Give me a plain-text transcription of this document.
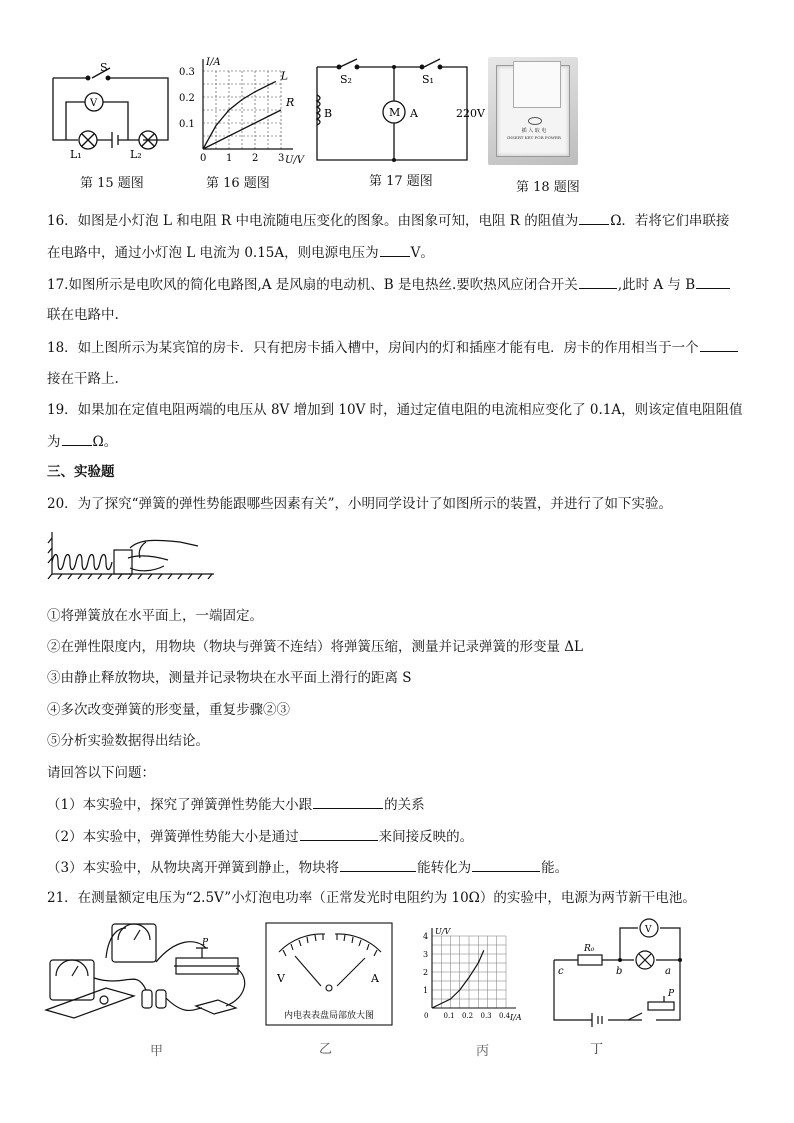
S
V
L₁	L₂
第 15 题图
I/A
U/V
0 1 2 3
0.1
0.2
0.3	L
R
第 16 题图
S₂	S₁
B	M A	220V
第 17 题图
插 入 取 电
INSERT KEY FOR POWER
第 18 题图
16．如图是小灯泡 L 和电阻 R 中电流随电压变化的图象。由图象可知，电阻 R 的阻值为 Ω．若将它们串联接
在电路中，通过小灯泡 L 电流为 0.15A，则电源电压为 V。
17.如图所示是电吹风的简化电路图,A 是风扇的电动机、B 是电热丝.要吹热风应闭合开关	,此时 A 与 B
联在电路中.
18．如上图所示为某宾馆的房卡．只有把房卡插入槽中，房间内的灯和插座才能有电．房卡的作用相当于一个
接在干路上.
19．如果加在定值电阻两端的电压从 8V 增加到 10V 时，通过定值电阻的电流相应变化了 0.1A，则该定值电阻阻值
为 Ω。
三、实验题
20．为了探究“弹簧的弹性势能跟哪些因素有关”，小明同学设计了如图所示的装置，并进行了如下实验。
①将弹簧放在水平面上，一端固定。
②在弹性限度内，用物块（物块与弹簧不连结）将弹簧压缩，测量并记录弹簧的形变量 ΔL
③由静止释放物块，测量并记录物块在水平面上滑行的距离 S
④多次改变弹簧的形变量，重复步骤②③
⑤分析实验数据得出结论。
请回答以下问题：
（1）本实验中，探究了弹簧弹性势能大小跟	的关系
（2）本实验中，弹簧弹性势能大小是通过	来间接反映的。
（3）本实验中，从物块离开弹簧到静止，物块将	能转化为	能。
21．在测量额定电压为“2.5V”小灯泡电功率（正常发光时电阻约为 10Ω）的实验中，电源为两节新干电池。
P
甲
V	A
内电表表盘局部放大图
乙
U/V
I/A
1
2
3
4
0 0.1 0.2 0.3 0.4
丙
R₀
V
c	b	a
P
丁
